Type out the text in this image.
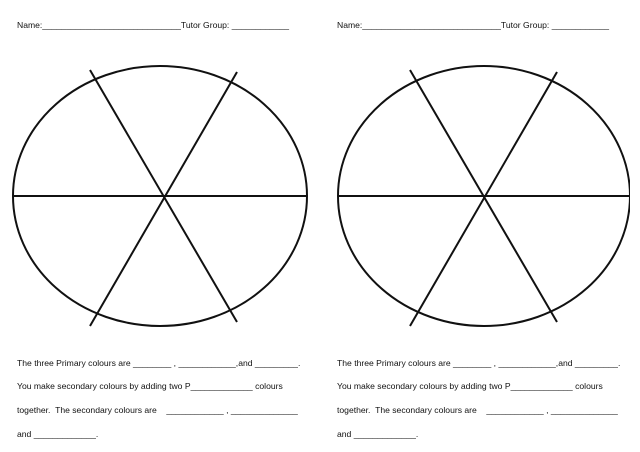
Name:_____________________________Tutor Group: ____________
The three Primary colours are ________ , ____________,and _________.
You make secondary colours by adding two P_____________ colours
together.  The secondary colours are    ____________ , ______________
and _____________.
Name:_____________________________Tutor Group: ____________
The three Primary colours are ________ , ____________,and _________.
You make secondary colours by adding two P_____________ colours
together.  The secondary colours are    ____________ , ______________
and _____________.
